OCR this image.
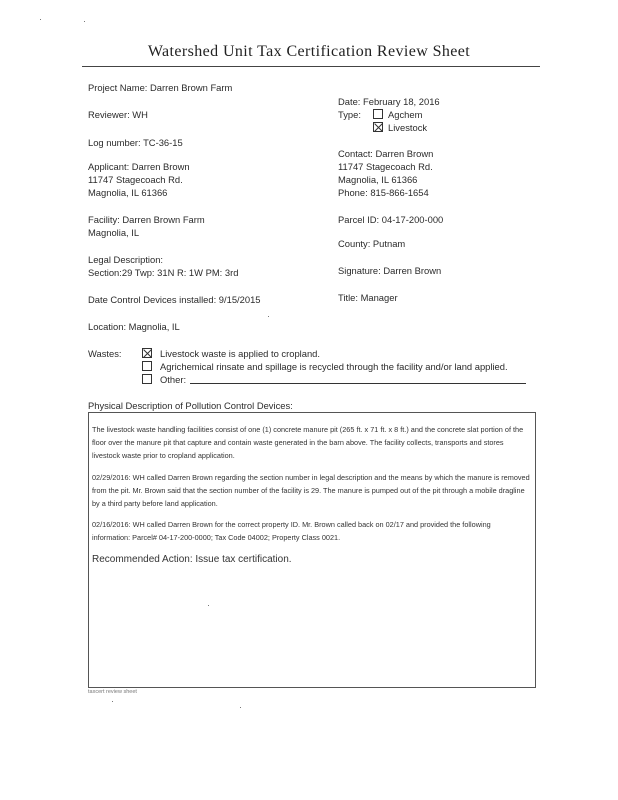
Watershed Unit Tax Certification Review Sheet
Project Name: Darren Brown Farm
Reviewer: WH
Log number: TC-36-15
Date: February 18, 2016
Type:	Agchem
Livestock
Applicant: Darren Brown
11747 Stagecoach Rd.
Magnolia, IL 61366
Contact: Darren Brown
11747 Stagecoach Rd.
Magnolia, IL 61366
Phone: 815-866-1654
Facility: Darren Brown Farm
Magnolia, IL
Parcel ID: 04-17-200-000
County: Putnam
Legal Description:
Section:29 Twp: 31N R: 1W PM: 3rd	Signature: Darren Brown
Date Control Devices installed: 9/15/2015	Title: Manager
Location: Magnolia, IL
Wastes:	Livestock waste is applied to cropland.
Agrichemical rinsate and spillage is recycled through the facility and/or land applied.
Other:
Physical Description of Pollution Control Devices:
The livestock waste handling facilities consist of one (1) concrete manure pit (265 ft. x 71 ft. x 8 ft.) and the concrete slat portion of the floor over the manure pit that capture and contain waste generated in the barn above. The facility collects, transports and stores livestock waste prior to cropland application.
02/29/2016: WH called Darren Brown regarding the section number in legal description and the means by which the manure is removed from the pit. Mr. Brown said that the section number of the facility is 29. The manure is pumped out of the pit through a mobile dragline by a third party before land application.
02/16/2016: WH called Darren Brown for the correct property ID. Mr. Brown called back on 02/17 and provided the following information: Parcel# 04-17-200-0000; Tax Code 04002; Property Class 0021.
Recommended Action: Issue tax certification.
taxcert review sheet
